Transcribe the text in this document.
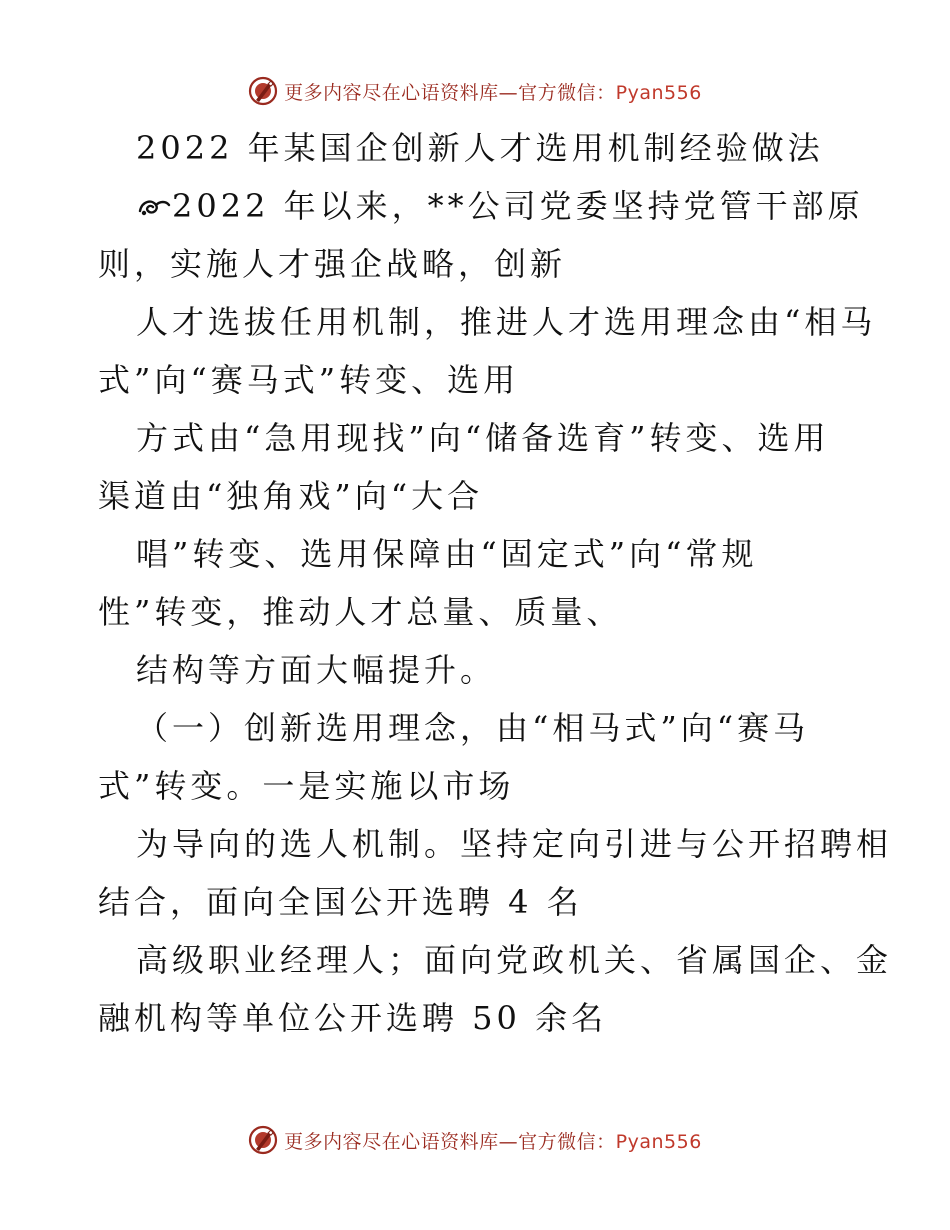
更多内容尽在心语资料库—官方微信：Pyan556
2022 年某国企创新人才选用机制经验做法
2022 年以来，**公司党委坚持党管干部原
则，实施人才强企战略，创新
人才选拔任用机制，推进人才选用理念由“相马
式”向“赛马式”转变、选用
方式由“急用现找”向“储备选育”转变、选用
渠道由“独角戏”向“大合
唱”转变、选用保障由“固定式”向“常规
性”转变，推动人才总量、质量、
结构等方面大幅提升。
（一）创新选用理念，由“相马式”向“赛马
式”转变。一是实施以市场
为导向的选人机制。坚持定向引进与公开招聘相
结合，面向全国公开选聘 4 名
高级职业经理人；面向党政机关、省属国企、金
融机构等单位公开选聘 50 余名
更多内容尽在心语资料库—官方微信：Pyan556
